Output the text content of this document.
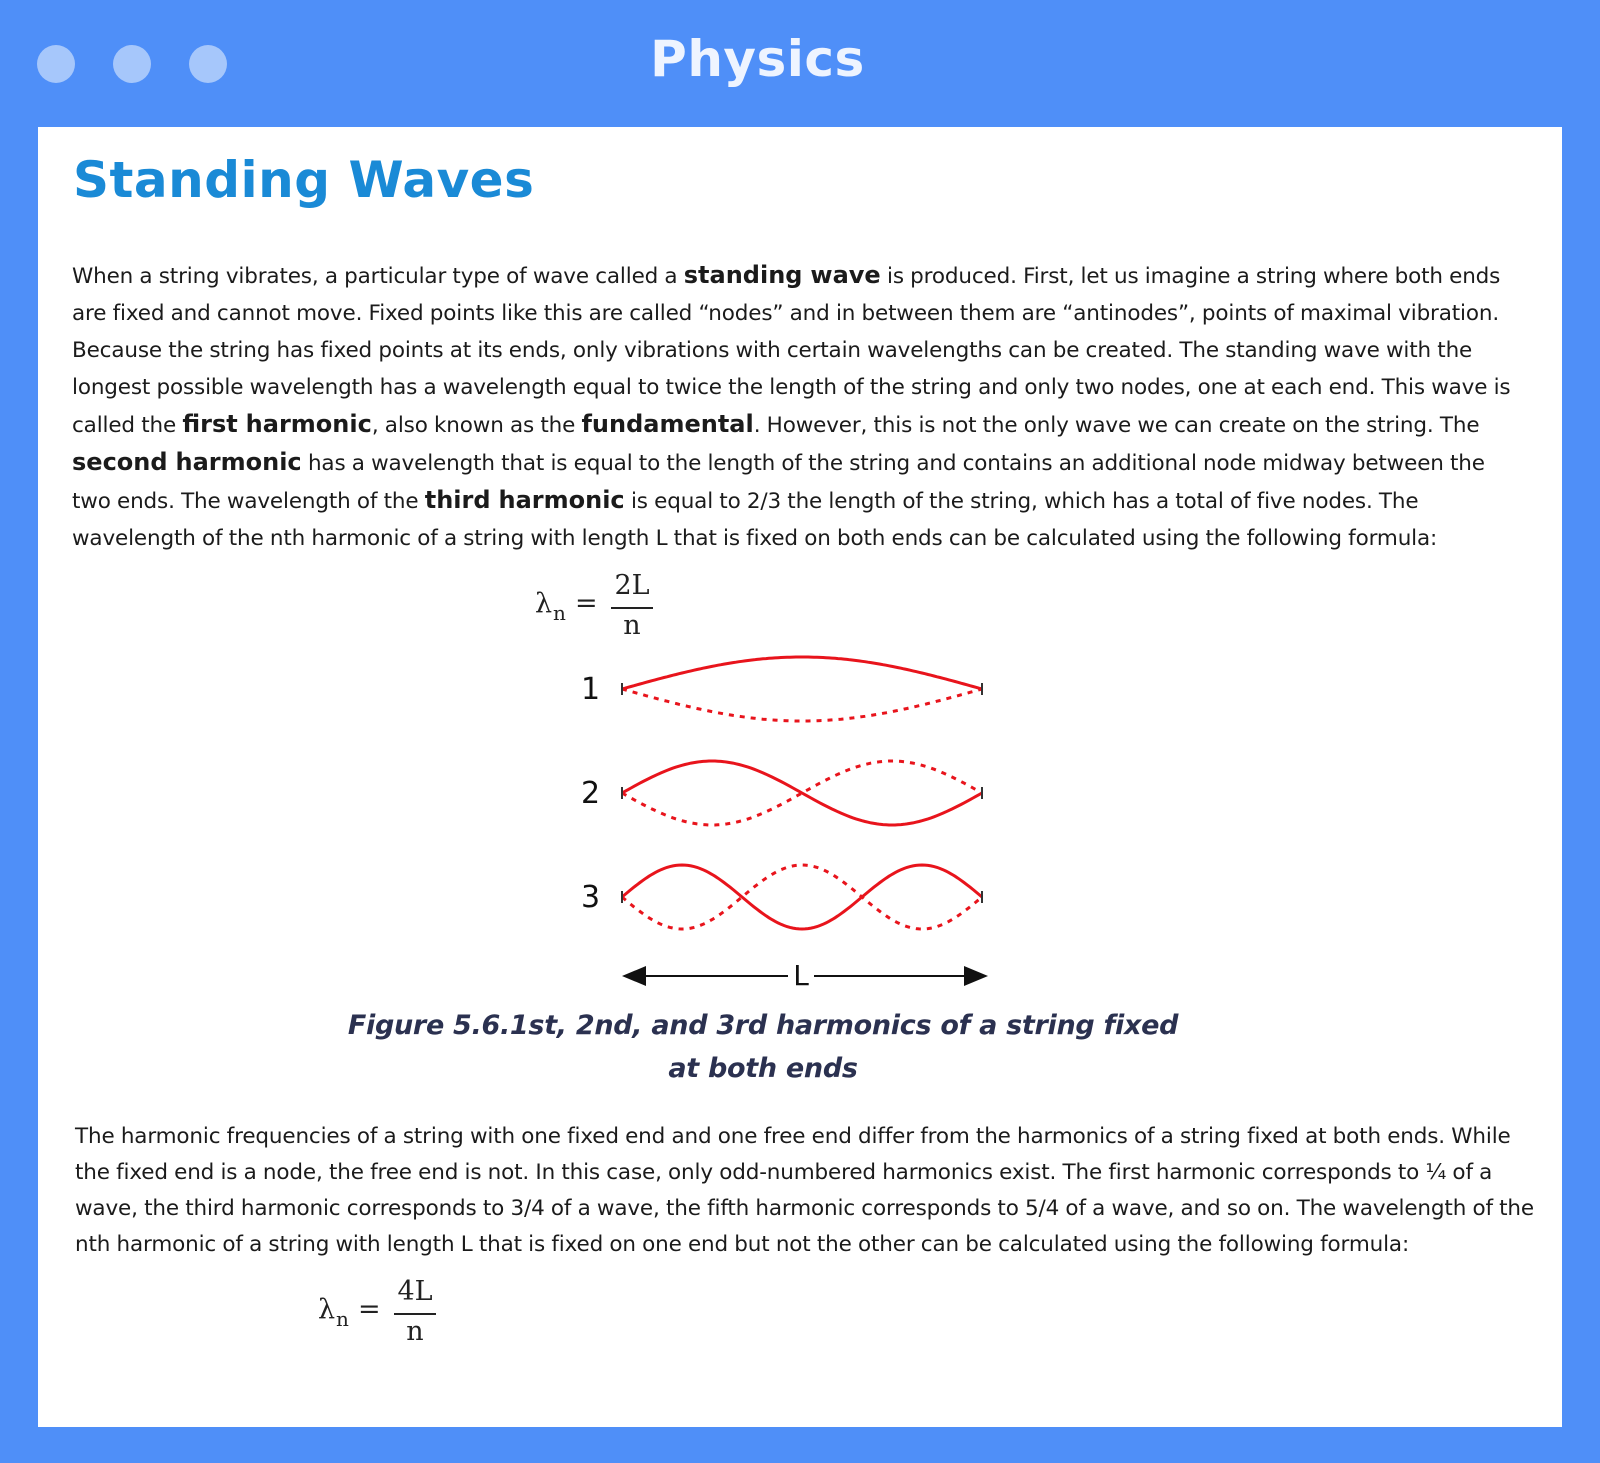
Physics
Standing Waves

When a string vibrates, a particular type of wave called a standing wave is produced. First, let us imagine a string where both ends are fixed and cannot move. Fixed points like this are called “nodes” and in between them are “antinodes”, points of maximal vibration. Because the string has fixed points at its ends, only vibrations with certain wavelengths can be created. The standing wave with the longest possible wavelength has a wavelength equal to twice the length of the string and only two nodes, one at each end. This wave is called the first harmonic, also known as the fundamental. However, this is not the only wave we can create on the string. The second harmonic has a wavelength that is equal to the length of the string and contains an additional node midway between the two ends. The wavelength of the third harmonic is equal to 2/3 the length of the string, which has a total of five nodes. The wavelength of the nth harmonic of a string with length L that is fixed on both ends can be calculated using the following formula:

λ n =
2L
n
1
2
3
L
Figure 5.6.1st, 2nd, and 3rd harmonics of a string fixed at both ends

The harmonic frequencies of a string with one fixed end and one free end differ from the harmonics of a string fixed at both ends. While the fixed end is a node, the free end is not. In this case, only odd-numbered harmonics exist. The first harmonic corresponds to ¼ of a wave, the third harmonic corresponds to 3/4 of a wave, the fifth harmonic corresponds to 5/4 of a wave, and so on. The wavelength of the nth harmonic of a string with length L that is fixed on one end but not the other can be calculated using the following formula:

λ n =
4L
n
